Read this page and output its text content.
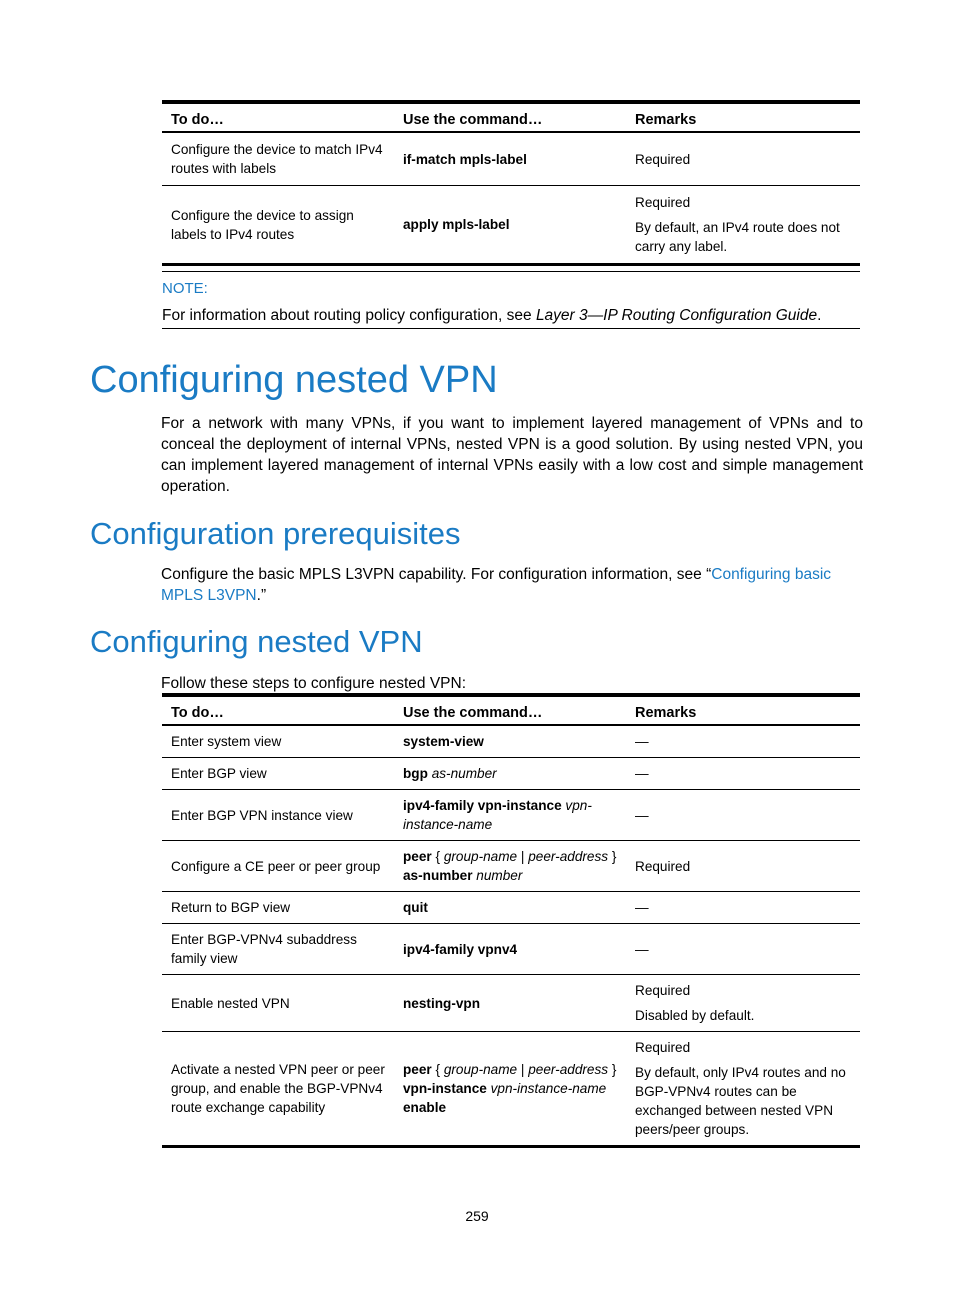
To do…	Use the command…	Remarks
Configure the device to match IPv4 routes with labels	if-match mpls-label	Required

Configure the device to assign labels to IPv4 routes	apply mpls-label	Required

By default, an IPv4 route does not carry any label.

NOTE:
For information about routing policy configuration, see Layer 3—IP Routing Configuration Guide.
Configuring nested VPN
For a network with many VPNs, if you want to implement layered management of VPNs and to conceal the deployment of internal VPNs, nested VPN is a good solution. By using nested VPN, you can implement layered management of internal VPNs easily with a low cost and simple management operation.
Configuration prerequisites
Configure the basic MPLS L3VPN capability. For configuration information, see “Configuring basic MPLS L3VPN.”
Configuring nested VPN
Follow these steps to configure nested VPN:
To do…	Use the command…	Remarks
Enter system view	system-view	—

Enter BGP view	bgp as-number	—

Enter BGP VPN instance view	ipv4-family vpn-instance vpn-instance-name	—

Configure a CE peer or peer group	peer { group-name | peer-address } as-number number	Required

Return to BGP view	quit	—

Enter BGP-VPNv4 subaddress family view	ipv4-family vpnv4	—

Enable nested VPN	nesting-vpn	Required

Disabled by default.

Activate a nested VPN peer or peer group, and enable the BGP-VPNv4 route exchange capability	peer { group-name | peer-address } vpn-instance vpn-instance-name enable	Required

By default, only IPv4 routes and no BGP-VPNv4 routes can be exchanged between nested VPN peers/peer groups.

259
